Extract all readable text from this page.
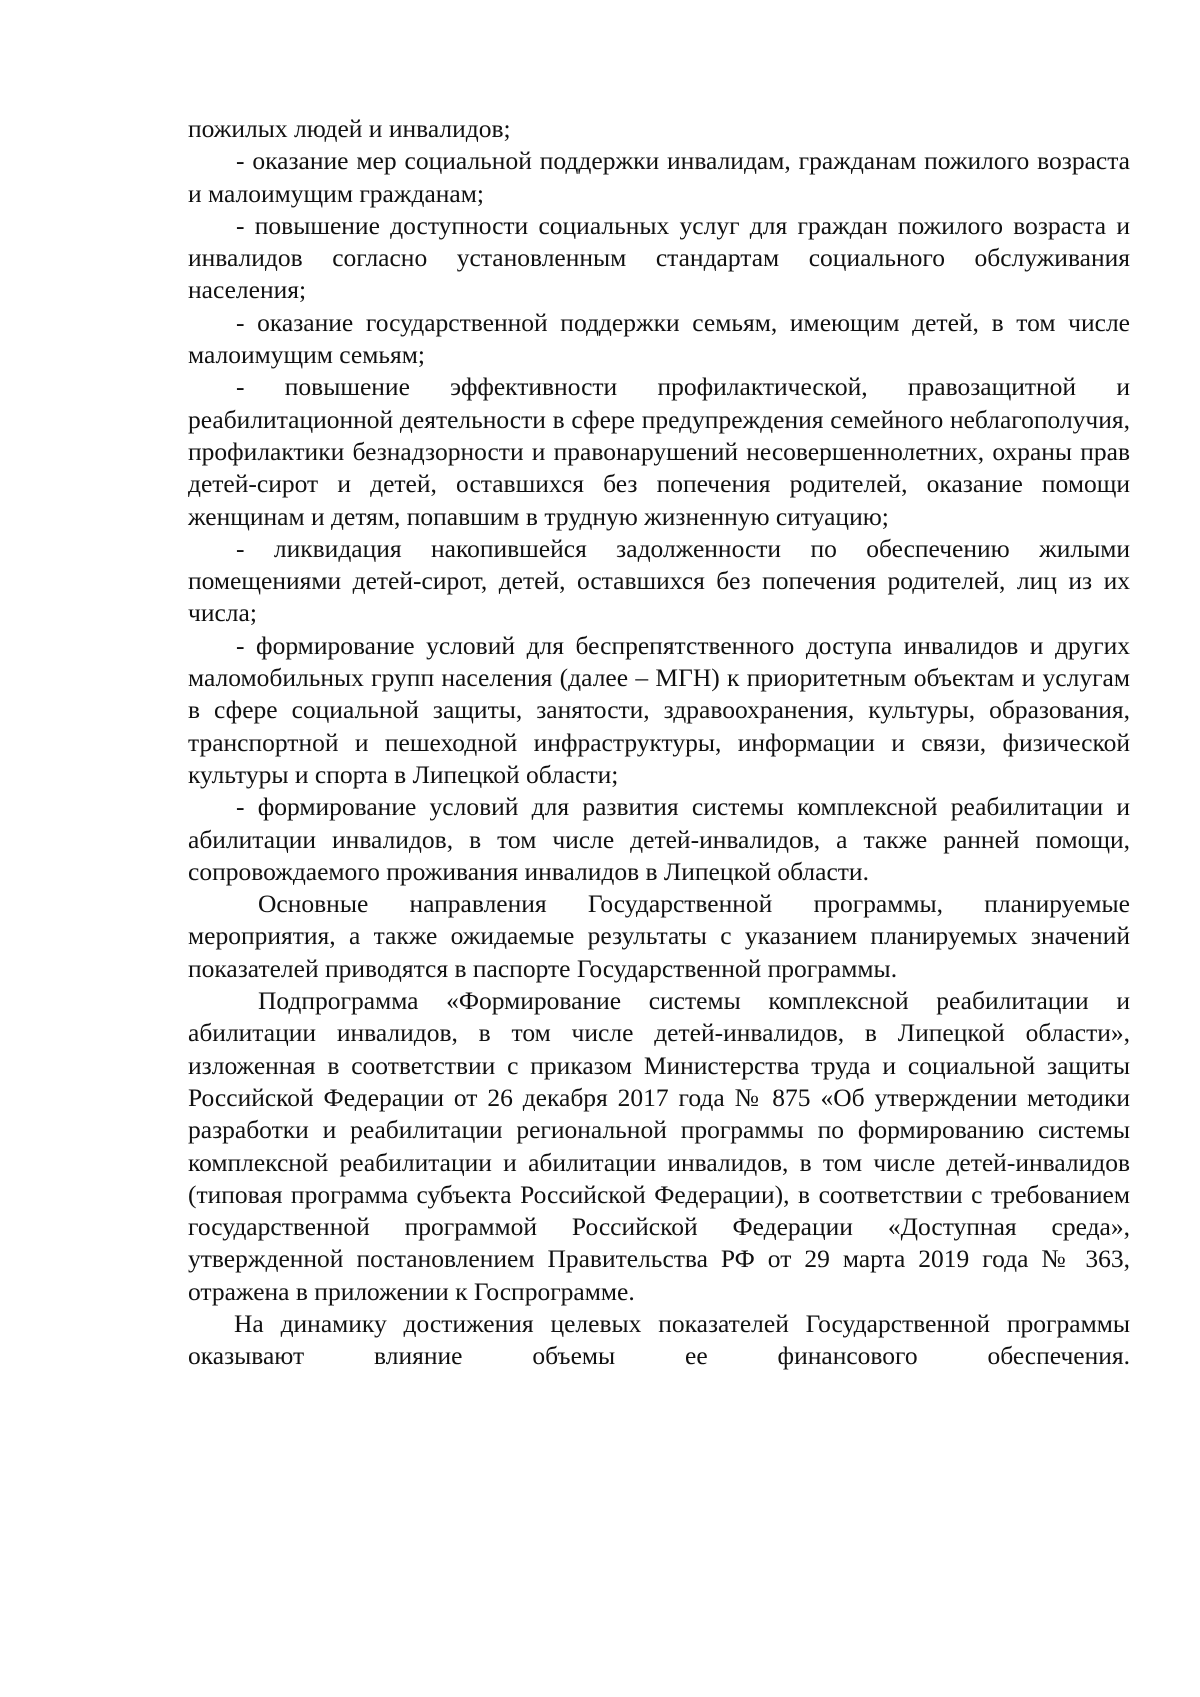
пожилых людей и инвалидов;

- оказание мер социальной поддержки инвалидам, гражданам пожилого возраста и малоимущим гражданам;

- повышение доступности социальных услуг для граждан пожилого возраста и инвалидов согласно установленным стандартам социального обслуживания населения;

- оказание государственной поддержки семьям, имеющим детей, в том числе малоимущим семьям;

- повышение эффективности профилактической, правозащитной и реабилитационной деятельности в сфере предупреждения семейного неблагополучия, профилактики безнадзорности и правонарушений несовершеннолетних, охраны прав детей-сирот и детей, оставшихся без попечения родителей, оказание помощи женщинам и детям, попавшим в трудную жизненную ситуацию;

- ликвидация накопившейся задолженности по обеспечению жилыми помещениями детей-сирот, детей, оставшихся без попечения родителей, лиц из их числа;

- формирование условий для беспрепятственного доступа инвалидов и других маломобильных групп населения (далее – МГН) к приоритетным объектам и услугам в сфере социальной защиты, занятости, здравоохранения, культуры, образования, транспортной и пешеходной инфраструктуры, информации и связи, физической культуры и спорта в Липецкой области;

- формирование условий для развития системы комплексной реабилитации и абилитации инвалидов, в том числе детей-инвалидов, а также ранней помощи, сопровождаемого проживания инвалидов в Липецкой области.

Основные направления Государственной программы, планируемые мероприятия, а также ожидаемые результаты с указанием планируемых значений показателей приводятся в паспорте Государственной программы.

Подпрограмма «Формирование системы комплексной реабилитации и абилитации инвалидов, в том числе детей-инвалидов, в Липецкой области», изложенная в соответствии с приказом Министерства труда и социальной защиты Российской Федерации от 26 декабря 2017 года № 875 «Об утверждении методики разработки и реабилитации региональной программы по формированию системы комплексной реабилитации и абилитации инвалидов, в том числе детей-инвалидов (типовая программа субъекта Российской Федерации), в соответствии с требованием государственной программой Российской Федерации «Доступная среда», утвержденной постановлением Правительства РФ от 29 марта 2019 года № 363, отражена в приложении к Госпрограмме.

На динамику достижения целевых показателей Государственной программы оказывают влияние объемы ее финансового обеспечения.
